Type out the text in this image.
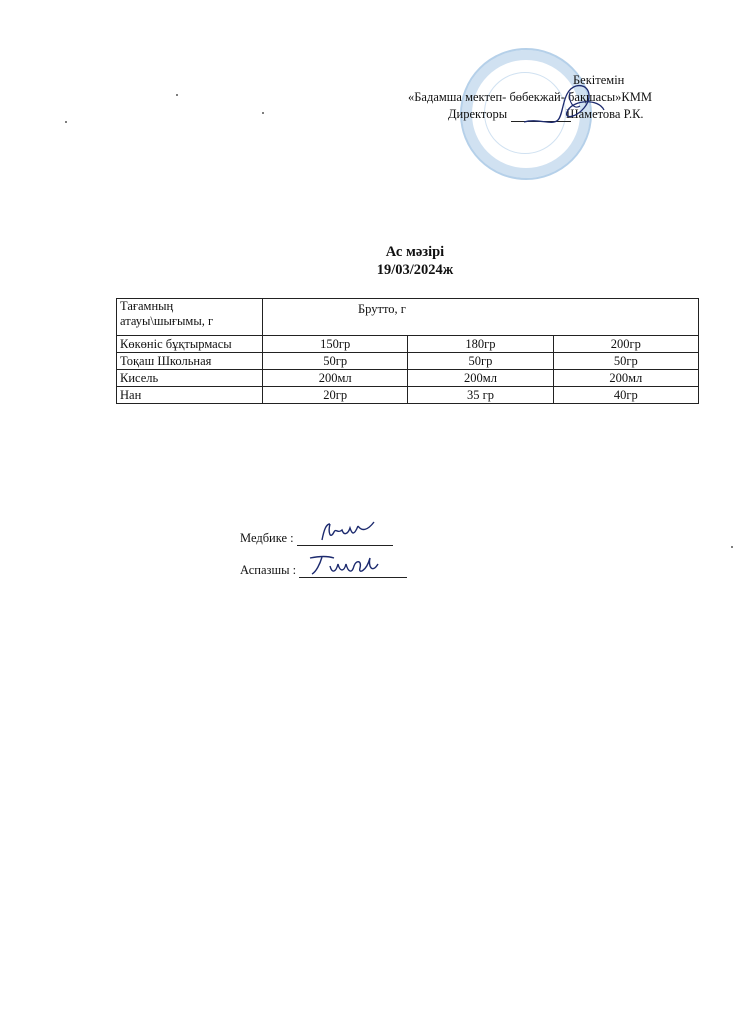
Бекітемін
«Бадамша мектеп- бөбекжай- бақшасы»КММ
Директоры	Шаметова Р.К.
Ас мәзірі
19/03/2024ж
Тағамның атауы\шығымы, г	Брутто, г		
Көкөніс бұқтырмасы	150гр	180гр	200гр
Тоқаш Школьная	50гр	50гр	50гр
Кисель	200мл	200мл	200мл
Нан	20гр	35 гр	40гр
Медбике :
Аспазшы :
